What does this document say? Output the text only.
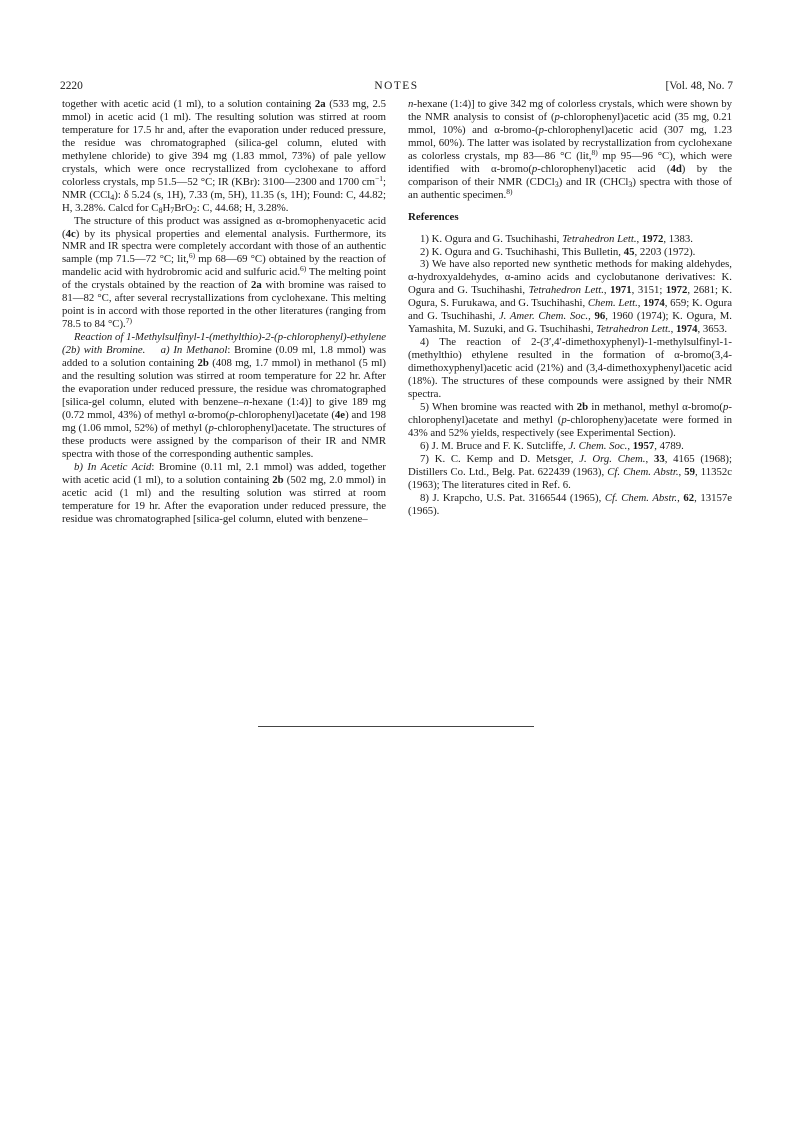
2220	NOTES	[Vol. 48, No. 7

together with acetic acid (1 ml), to a solution containing 2a (533 mg, 2.5 mmol) in acetic acid (1 ml). The resulting solution was stirred at room temperature for 17.5 hr and, after the evaporation under reduced pressure, the residue was chromatographed (silica-gel column, eluted with methylene chloride) to give 394 mg (1.83 mmol, 73%) of pale yellow crystals, which were once recrystallized from cyclohexane to afford colorless crystals, mp 51.5—52 °C; IR (KBr): 3100—2300 and 1700 $cm^{-1}$; NMR (CCl$_4$): δ 5.24 (s, 1H), 7.33 (m, 5H), 11.35 (s, 1H); Found: C, 44.82; H, 3.28%. Calcd for $C_8H_7BrO_2$: C, 44.68; H, 3.28%.

The structure of this product was assigned as α-bromophenyacetic acid (4c) by its physical properties and elemental analysis. Furthermore, its NMR and IR spectra were completely accordant with those of an authentic sample (mp 71.5—72 °C; lit,$^{6)}$ mp 68—69 °C) obtained by the reaction of mandelic acid with hydrobromic acid and sulfuric acid.$^{6)}$ The melting point of the crystals obtained by the reaction of 2a with bromine was raised to 81—82 °C, after several recrystallizations from cyclohexane. This melting point is in accord with those reported in the other literatures (ranging from 78.5 to 84 °C).$^{7)}$

Reaction of 1-Methylsulfinyl-1-(methylthio)-2-(p-chlorophenyl)-ethylene (2b) with Bromine. a) In Methanol: Bromine (0.09 ml, 1.8 mmol) was added to a solution containing 2b (408 mg, 1.7 mmol) in methanol (5 ml) and the resulting solution was stirred at room temperature for 22 hr. After the evaporation under reduced pressure, the residue was chromatographed [silica-gel column, eluted with benzene–n-hexane (1:4)] to give 189 mg (0.72 mmol, 43%) of methyl α-bromo(p-chlorophenyl)acetate (4e) and 198 mg (1.06 mmol, 52%) of methyl (p-chlorophenyl)acetate. The structures of these products were assigned by the comparison of their IR and NMR spectra with those of the corresponding authentic samples.

b) In Acetic Acid: Bromine (0.11 ml, 2.1 mmol) was added, together with acetic acid (1 ml), to a solution containing 2b (502 mg, 2.0 mmol) in acetic acid (1 ml) and the resulting solution was stirred at room temperature for 19 hr. After the evaporation under reduced pressure, the residue was chromatographed [silica-gel column, eluted with benzene–

n-hexane (1:4)] to give 342 mg of colorless crystals, which were shown by the NMR analysis to consist of (p-chlorophenyl)acetic acid (35 mg, 0.21 mmol, 10%) and α-bromo-(p-chlorophenyl)acetic acid (307 mg, 1.23 mmol, 60%). The latter was isolated by recrystallization from cyclohexane as colorless crystals, mp 83—86 °C (lit,$^{8)}$ mp 95—96 °C), which were identified with α-bromo(p-chlorophenyl)acetic acid (4d) by the comparison of their NMR (CDCl$_3$) and IR (CHCl$_3$) spectra with those of an authentic specimen.$^{8)}$

References

1) K. Ogura and G. Tsuchihashi, Tetrahedron Lett., 1972, 1383.

2) K. Ogura and G. Tsuchihashi, This Bulletin, 45, 2203 (1972).

3) We have also reported new synthetic methods for making aldehydes, α-hydroxyaldehydes, α-amino acids and cyclobutanone derivatives: K. Ogura and G. Tsuchihashi, Tetrahedron Lett., 1971, 3151; 1972, 2681; K. Ogura, S. Furukawa, and G. Tsuchihashi, Chem. Lett., 1974, 659; K. Ogura and G. Tsuchihashi, J. Amer. Chem. Soc., 96, 1960 (1974); K. Ogura, M. Yamashita, M. Suzuki, and G. Tsuchihashi, Tetrahedron Lett., 1974, 3653.

4) The reaction of 2-(3′,4′-dimethoxyphenyl)-1-methylsulfinyl-1-(methylthio) ethylene resulted in the formation of α-bromo(3,4-dimethoxyphenyl)acetic acid (21%) and (3,4-dimethoxyphenyl)acetic acid (18%). The structures of these compounds were assigned by their NMR spectra.

5) When bromine was reacted with 2b in methanol, methyl α-bromo(p-chlorophenyl)acetate and methyl (p-chloropheny)acetate were formed in 43% and 52% yields, respectively (see Experimental Section).

6) J. M. Bruce and F. K. Sutcliffe, J. Chem. Soc., 1957, 4789.

7) K. C. Kemp and D. Metsger, J. Org. Chem., 33, 4165 (1968); Distillers Co. Ltd., Belg. Pat. 622439 (1963), Cf. Chem. Abstr., 59, 11352c (1963); The literatures cited in Ref. 6.

8) J. Krapcho, U.S. Pat. 3166544 (1965), Cf. Chem. Abstr., 62, 13157e (1965).
